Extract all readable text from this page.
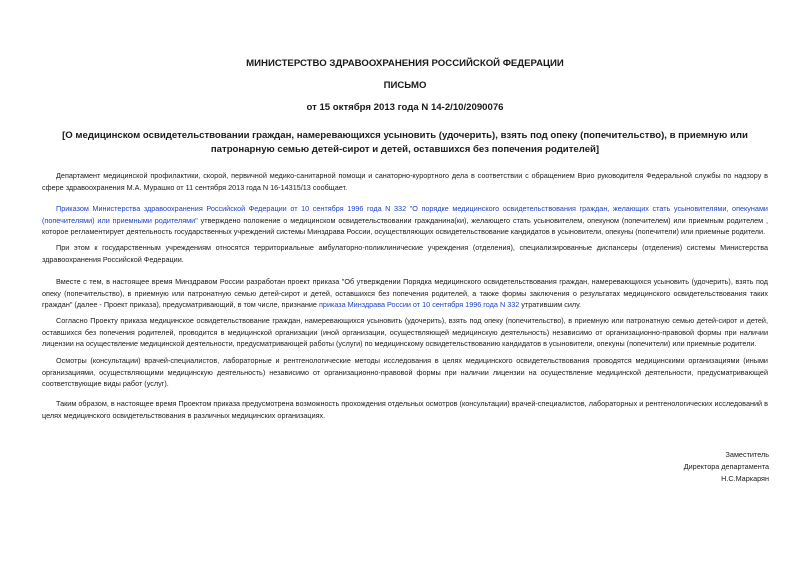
МИНИСТЕРСТВО ЗДРАВООХРАНЕНИЯ РОССИЙСКОЙ ФЕДЕРАЦИИ
ПИСЬМО
от 15 октября 2013 года N 14-2/10/2090076
[О медицинском освидетельствовании граждан, намеревающихся усыновить (удочерить), взять под опеку (попечительство), в приемную или патронарную семью детей-сирот и детей, оставшихся без попечения родителей]

Департамент медицинской профилактики, скорой, первичной медико-санитарной помощи и санаторно-курортного дела в соответствии с обращением Врио руководителя Федеральной службы по надзору в сфере здравоохранения М.А. Мурашко от 11 сентября 2013 года N 16-14315/13 сообщает.

Приказом Министерства здравоохранения Российской Федерации от 10 сентября 1996 года N 332 "О порядке медицинского освидетельствования граждан, желающих стать усыновителями, опекунами (попечителями) или приемными родителями" утверждено положение о медицинском освидетельствовании гражданина(ки), желающего стать усыновителем, опекуном (попечителем) или приемным родителем , которое регламентирует деятельность государственных учреждений системы Минздрава России, осуществляющих освидетельствование кандидатов в усыновители, опекуны (попечители) или приемные родители.

При этом к государственным учреждениям относятся территориальные амбулаторно-поликлинические учреждения (отделения), специализированные диспансеры (отделения) системы Министерства здравоохранения Российской Федерации.

Вместе с тем, в настоящее время Минздравом России разработан проект приказа "Об утверждении Порядка медицинского освидетельствования граждан, намеревающихся усыновить (удочерить), взять под опеку (попечительство), в приемную или патронатную семью детей-сирот и детей, оставшихся без попечения родителей, а также формы заключения о результатах медицинского освидетельствования таких граждан" (далее - Проект приказа), предусматривающий, в том числе, признание приказа Минздрава России от 10 сентября 1996 года N 332 утратившим силу.

Согласно Проекту приказа медицинское освидетельствование граждан, намеревающихся усыновить (удочерить), взять под опеку (попечительство), в приемную или патронатную семью детей-сирот и детей, оставшихся без попечения родителей, проводится в медицинской организации (иной организации, осуществляющей медицинскую деятельность) независимо от организационно-правовой формы при наличии лицензии на осуществление медицинской деятельности, предусматривающей работы (услуги) по медицинскому освидетельствованию кандидатов в усыновители, опекуны (попечители) или приемные родители.

Осмотры (консультации) врачей-специалистов, лабораторные и рентгенологические методы исследования в целях медицинского освидетельствования проводятся медицинскими организациями (иными организациями, осуществляющими медицинскую деятельность) независимо от организационно-правовой формы при наличии лицензии на осуществление медицинской деятельности, предусматривающей соответствующие виды работ (услуг).

Таким образом, в настоящее время Проектом приказа предусмотрена возможность прохождения отдельных осмотров (консультации) врачей-специалистов, лабораторных и рентгенологических исследований в целях медицинского освидетельствования в различных медицинских организациях.

Заместитель
Директора департамента
Н.С.Маркарян
